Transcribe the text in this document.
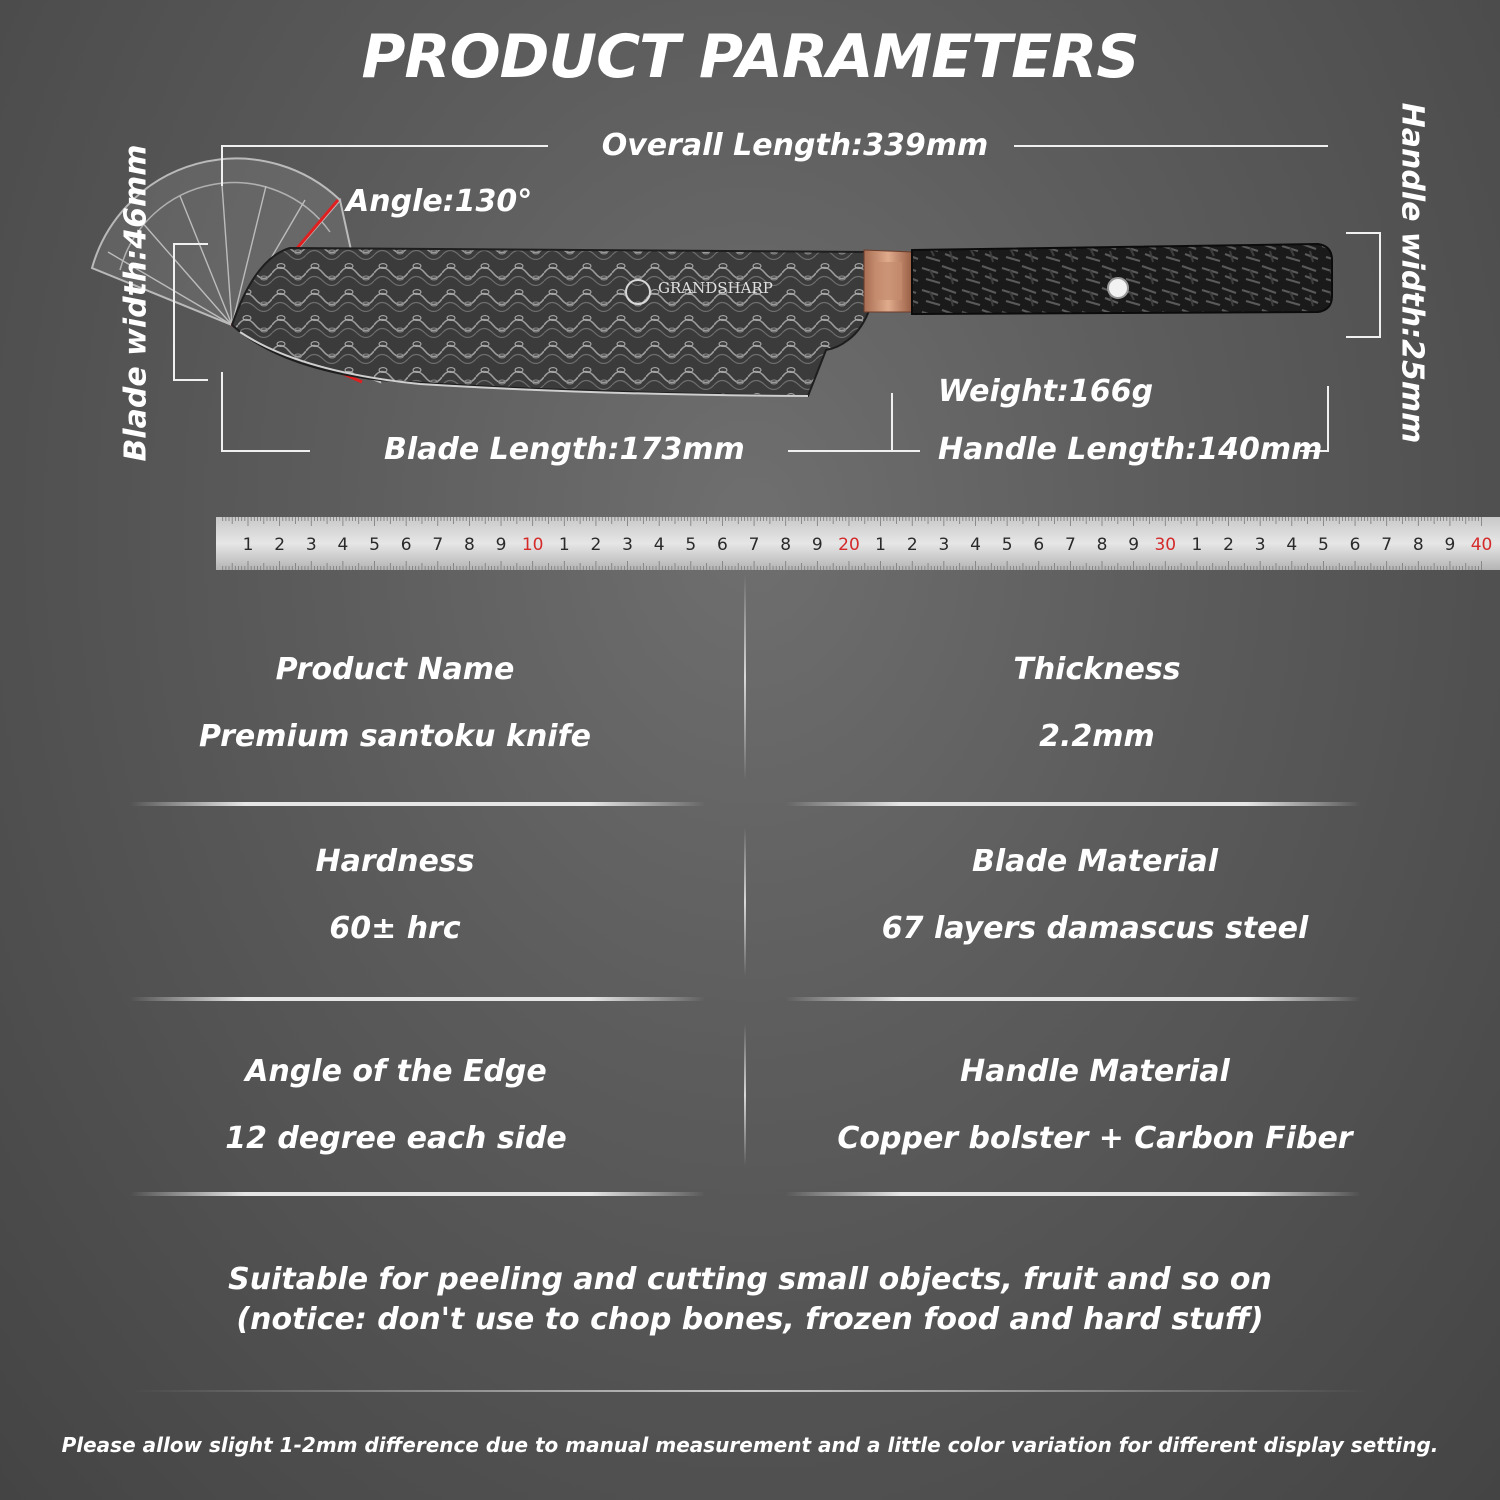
PRODUCT PARAMETERS
GRANDSHARP
Overall Length:339mm
Angle:130°
Blade width:46mm	Handle width:25mm
Weight:166g
Blade Length:173mm	Handle Length:140mm
1 2 3 4 5 6 7 8 9 10 1 2 3 4 5 6 7 8 9 20 1 2 3 4 5 6 7 8 9 30 1 2 3 4 5 6 7 8 9 40
Product Name
Premium santoku knife
Thickness
2.2mm
Hardness
60± hrc
Blade Material
67 layers damascus steel
Angle of the Edge
12 degree each side
Handle Material
Copper bolster + Carbon Fiber
Suitable for peeling and cutting small objects, fruit and so on
(notice: don't use to chop bones, frozen food and hard stuff)
Please allow slight 1-2mm difference due to manual measurement and a little color variation for different display setting.
